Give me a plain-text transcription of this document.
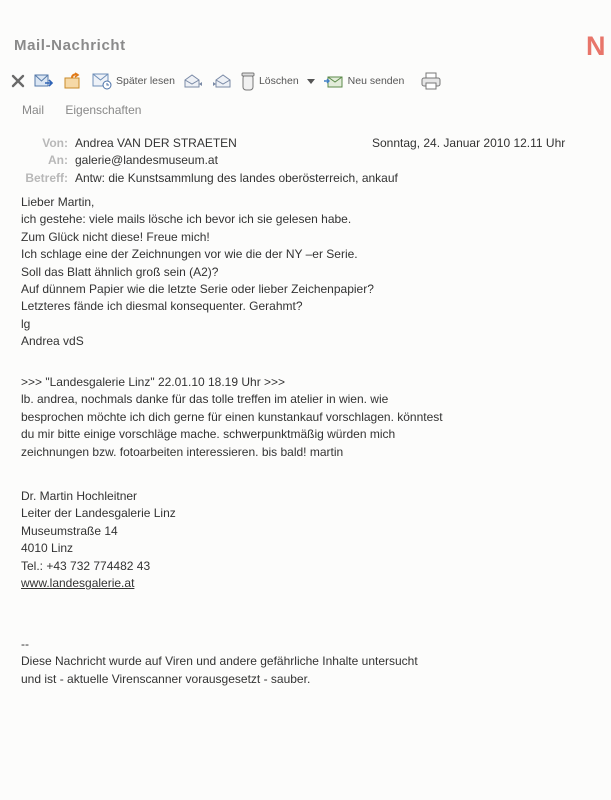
Mail-Nachricht	N
Später lesen	Löschen	Neu senden
Mail Eigenschaften
Von: Andrea VAN DER STRAETEN	Sonntag, 24. Januar 2010 12.11 Uhr
An: galerie@landesmuseum.at
Betreff: Antw: die Kunstsammlung des landes oberösterreich, ankauf
Lieber Martin,
ich gestehe: viele mails lösche ich bevor ich sie gelesen habe.
Zum Glück nicht diese! Freue mich!
Ich schlage eine der Zeichnungen vor wie die der NY –er Serie.
Soll das Blatt ähnlich groß sein (A2)?
Auf dünnem Papier wie die letzte Serie oder lieber Zeichenpapier?
Letzteres fände ich diesmal konsequenter. Gerahmt?
lg
Andrea vdS
>>> "Landesgalerie Linz" 22.01.10 18.19 Uhr >>>
lb. andrea, nochmals danke für das tolle treffen im atelier in wien. wie
besprochen möchte ich dich gerne für einen kunstankauf vorschlagen. könntest
du mir bitte einige vorschläge mache. schwerpunktmäßig würden mich
zeichnungen bzw. fotoarbeiten interessieren. bis bald! martin
Dr. Martin Hochleitner
Leiter der Landesgalerie Linz
Museumstraße 14
4010 Linz
Tel.: +43 732 774482 43
www.landesgalerie.at
--
Diese Nachricht wurde auf Viren und andere gefährliche Inhalte untersucht
und ist - aktuelle Virenscanner vorausgesetzt - sauber.
